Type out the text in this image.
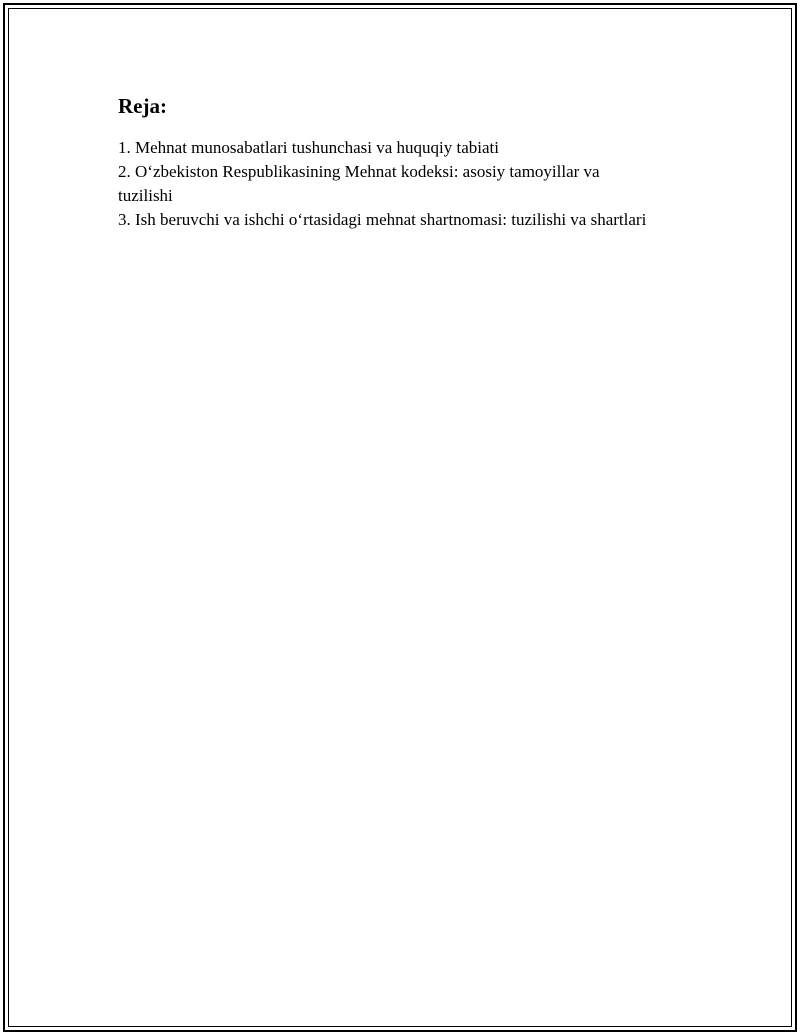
Reja:
1. Mehnat munosabatlari tushunchasi va huquqiy tabiati
2. O‘zbekiston Respublikasining Mehnat kodeksi: asosiy tamoyillar va tuzilishi
3. Ish beruvchi va ishchi o‘rtasidagi mehnat shartnomasi: tuzilishi va shartlari
